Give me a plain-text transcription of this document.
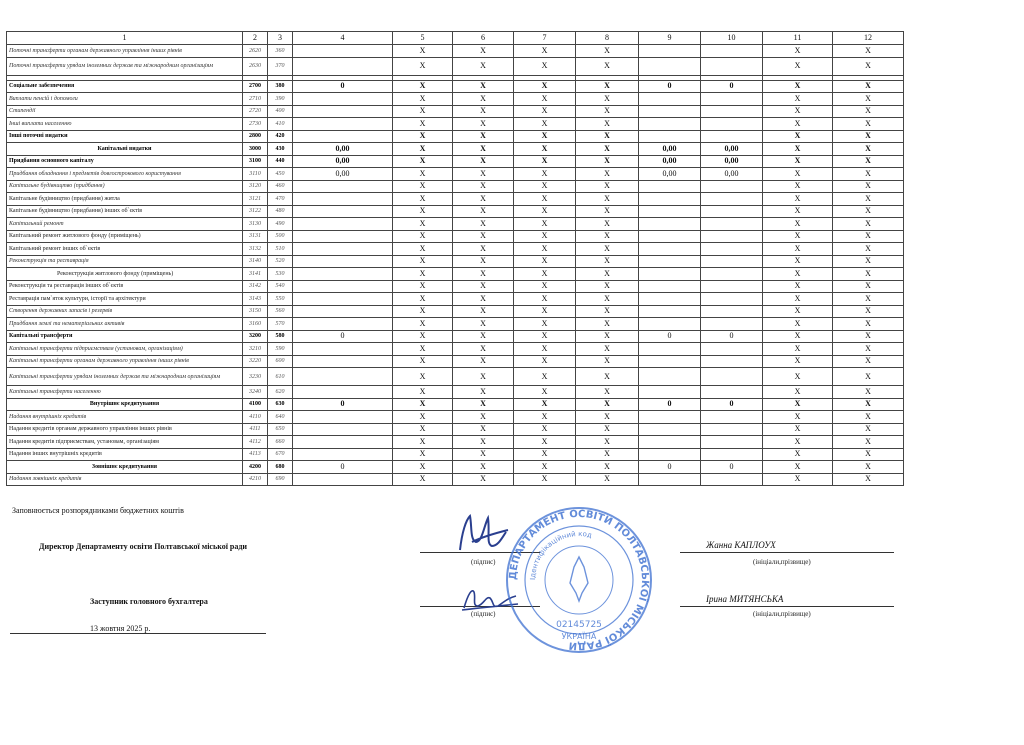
1	2	3	4	5	6	7	8	9	10	11	12
Поточні трансферти органам державного управління інших рівнів	2620	360		X	X	X	X			X	X
Поточні трансферти урядам іноземних держав та міжнародним організаціям	2630	370		X	X	X	X			X	X

Соціальне забезпечення	2700	380	0	X	X	X	X	0	0	X	X
Виплати пенсій і допомоги	2710	390		X	X	X	X			X	X
Стипендії	2720	400		X	X	X	X			X	X
Інші виплати населенню	2730	410		X	X	X	X			X	X
Інші поточні видатки	2800	420		X	X	X	X			X	X
Капітальні видатки	3000	430	0,00	X	X	X	X	0,00	0,00	X	X
Придбання основного капіталу	3100	440	0,00	X	X	X	X	0,00	0,00	X	X
Придбання обладнання і предметів довгострокового користування	3110	450	0,00	X	X	X	X	0,00	0,00	X	X
Капітальне будівництво (придбання)	3120	460		X	X	X	X			X	X
Капітальне будівництво (придбання) житла	3121	470		X	X	X	X			X	X
Капітальне будівництво (придбання) інших об`єктів	3122	480		X	X	X	X			X	X
Капітальний ремонт	3130	490		X	X	X	X			X	X
Капітальний ремонт житлового фонду (приміщень)	3131	500		X	X	X	X			X	X
Капітальний ремонт інших об`єктів	3132	510		X	X	X	X			X	X
Реконструкція та реставрація	3140	520		X	X	X	X			X	X
Реконструкція житлового фонду (приміщень)	3141	530		X	X	X	X			X	X
Реконструкція та реставрація інших об`єктів	3142	540		X	X	X	X			X	X
Реставрація пам`яток культури, історії та архітектури	3143	550		X	X	X	X			X	X
Створення державних запасів і резервів	3150	560		X	X	X	X			X	X
Придбання землі та нематеріальних активів	3160	570		X	X	X	X			X	X
Капітальні трансферти	3200	580	0	X	X	X	X	0	0	X	X
Капітальні трансферти підприємствам (установам, організаціям)	3210	590		X	X	X	X			X	X
Капітальні трансферти органам державного управління інших рівнів	3220	600		X	X	X	X			X	X
Капітальні трансферти урядам іноземних держав та міжнародним організаціям	3230	610		X	X	X	X			X	X
Капітальні трансферти населенню	3240	620		X	X	X	X			X	X
Внутрішнє кредитування	4100	630	0	X	X	X	X	0	0	X	X
Надання внутрішніх кредитів	4110	640		X	X	X	X			X	X
Надання кредитів органам державного управління інших рівнів	4111	650		X	X	X	X			X	X
Надання кредитів підприємствам, установам, організаціям	4112	660		X	X	X	X			X	X
Надання інших внутрішніх кредитів	4113	670		X	X	X	X			X	X
Зовнішнє кредитування	4200	680	0	X	X	X	X	0	0	X	X
Надання зовнішніх кредитів	4210	690		X	X	X	X			X	X
Заповнюється розпорядниками бюджетних коштів
Директор Департаменту освіти Полтавської міської ради
(підпис)
Жанна КАПЛОУХ
(ініціали,прізвище)
Заступник головного бухгалтера
(підпис)
Ірина МИТЯНСЬКА
(ініціали,прізвище)
13 жовтня 2025 р.
ДЕПАРТАМЕНТ ОСВІТИ ПОЛТАВСЬКОЇ МІСЬКОЇ РАДИ
Ідентифікаційний код
02145725
УКРАЇНА
